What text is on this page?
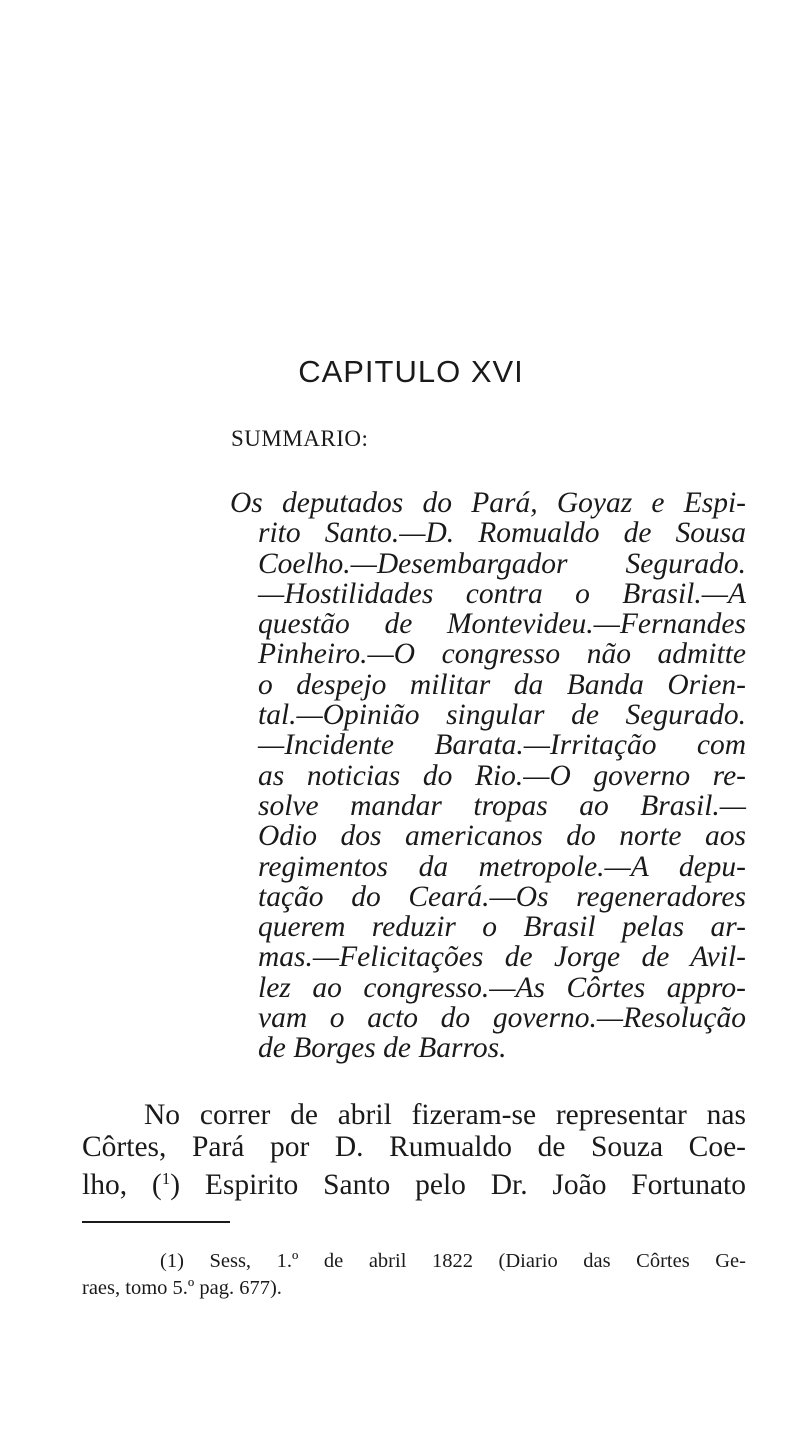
CAPITULO XVI
SUMMARIO:
Os deputados do Pará, Goyaz e Espi-
rito Santo.—D. Romualdo de Sousa
Coelho.—Desembargador Segurado.
—Hostilidades contra o Brasil.—A
questão de Montevideu.—Fernandes
Pinheiro.—O congresso não admitte
o despejo militar da Banda Orien-
tal.—Opinião singular de Segurado.
—Incidente Barata.—Irritação com
as noticias do Rio.—O governo re-
solve mandar tropas ao Brasil.—
Odio dos americanos do norte aos
regimentos da metropole.—A depu-
tação do Ceará.—Os regeneradores
querem reduzir o Brasil pelas ar-
mas.—Felicitações de Jorge de Avil-
lez ao congresso.—As Côrtes appro-
vam o acto do governo.—Resolução
de Borges de Barros.
No correr de abril fizeram-se representar nas
Côrtes, Pará por D. Rumualdo de Souza Coe-
lho, ($^1$) Espirito Santo pelo Dr. João Fortunato
(1) Sess, 1.º de abril 1822 (Diario das Côrtes Ge-
raes, tomo 5.º pag. 677).
